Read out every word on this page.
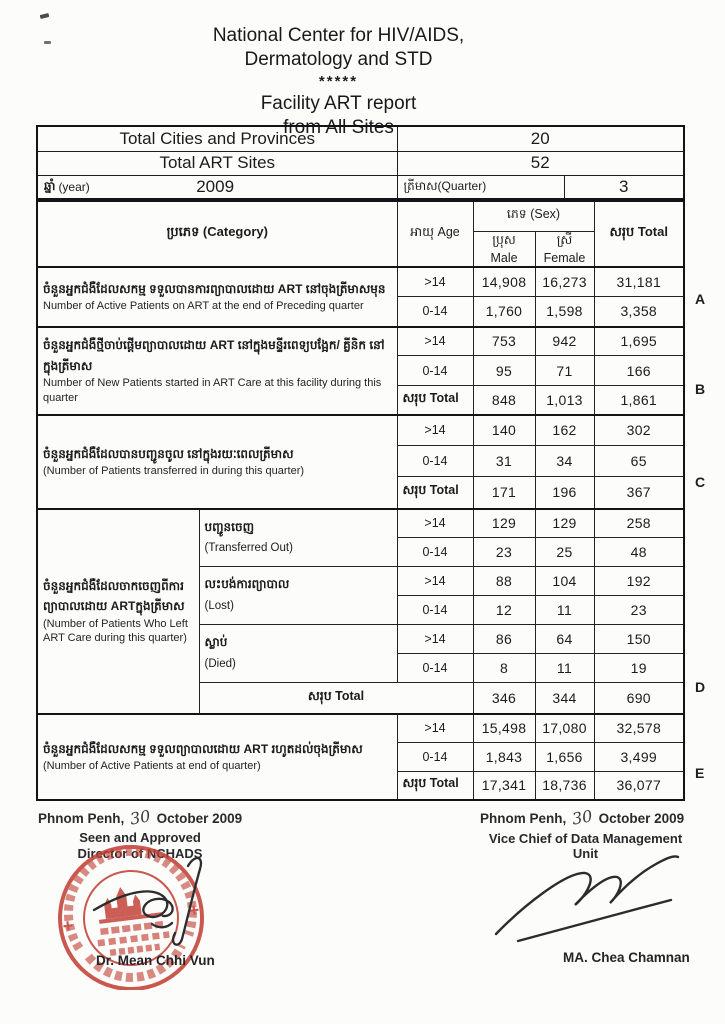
National Center for HIV/AIDS,
Dermatology and STD
*****
Facility ART report
from All Sites
Total Cities and Provinces	20	
Total ART Sites	52	

ឆ្នាំ (year) 2009	ត្រីមាស(Quarter)	3
ប្រភេទ (Category)		អាយុ Age	ភេទ (Sex)		សរុប Total
			ប្រុស Male	ស្រី Female	
ចំនួនអ្នកជំងឺដែលសកម្ម ទទួលបានការព្យាបាលដោយ ART នៅចុងត្រីមាសមុន
Number of Active Patients on ART at the end of Preceding quarter		>14	14,908	16,273	31,181
		0-14	1,760	1,598	3,358
ចំនួនអ្នកជំងឺថ្មីចាប់ផ្តើមព្យាបាលដោយ ART នៅក្នុងមន្ទីរពេទ្យបង្អែក/ គ្លីនិក នៅក្នុងត្រីមាស
Number of New Patients started in ART Care at this facility during this quarter		>14	753	942	1,695
		0-14	95	71	166
		សរុប Total	848	1,013	1,861
ចំនួនអ្នកជំងឺដែលបានបញ្ជូនចូល នៅក្នុងរយៈពេលត្រីមាស
(Number of Patients transferred in during this quarter)		>14	140	162	302
		0-14	31	34	65
		សរុប Total	171	196	367
ចំនួនអ្នកជំងឺដែលចាកចេញពីការ ព្យាបាលដោយ ARTក្នុងត្រីមាស
(Number of Patients Who Left ART Care during this quarter)	បញ្ជូនចេញ
(Transferred Out)	>14	129	129	258
		0-14	23	25	48
	លះបង់ការព្យាបាល
(Lost)	>14	88	104	192
		0-14	12	11	23
	ស្លាប់
(Died)	>14	86	64	150
		0-14	8	11	19
	សរុប Total		346	344	690
ចំនួនអ្នកជំងឺដែលសកម្ម ទទួលព្យាបាលដោយ ART រហូតដល់ចុងត្រីមាស
(Number of Active Patients at end of quarter)		>14	15,498	17,080	32,578
		0-14	1,843	1,656	3,499
		សរុប Total	17,341	18,736	36,077
A
B
C
D
E
Phnom Penh, 30 October 2009
Seen and Approved
Director of NCHADS
Dr. Mean Chhi Vun
Phnom Penh, 30 October 2009
Vice Chief of Data Management Unit
MA. Chea Chamnan
